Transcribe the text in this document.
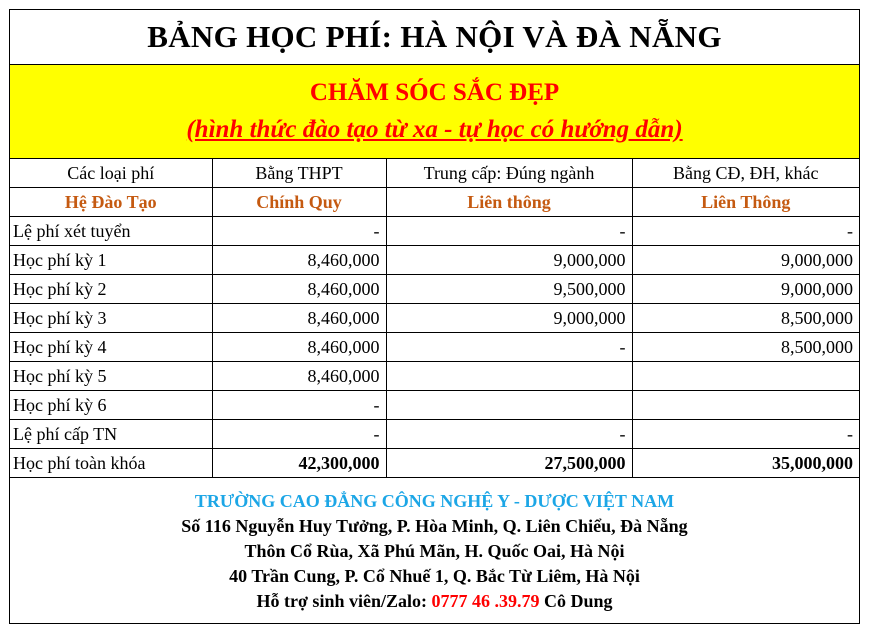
BẢNG HỌC PHÍ: HÀ NỘI VÀ ĐÀ NẴNG
CHĂM SÓC SẮC ĐẸP
(hình thức đào tạo từ xa - tự học có hướng dẫn)
Các loại phí	Bằng THPT	Trung cấp: Đúng ngành	Bằng CĐ, ĐH, khác
Hệ Đào Tạo	Chính Quy	Liên thông	Liên Thông
Lệ phí xét tuyển	-	-	-
Học phí kỳ 1	8,460,000	9,000,000	9,000,000
Học phí kỳ 2	8,460,000	9,500,000	9,000,000
Học phí kỳ 3	8,460,000	9,000,000	8,500,000
Học phí kỳ 4	8,460,000	-	8,500,000
Học phí kỳ 5	8,460,000		
Học phí kỳ 6	-		
Lệ phí cấp TN	-	-	-
Học phí toàn khóa	42,300,000	27,500,000	35,000,000
TRƯỜNG CAO ĐẲNG CÔNG NGHỆ Y - DƯỢC VIỆT NAM
Số 116 Nguyễn Huy Tưởng, P. Hòa Minh, Q. Liên Chiểu, Đà Nẵng
Thôn Cổ Rùa, Xã Phú Mãn, H. Quốc Oai, Hà Nội
40 Trần Cung, P. Cổ Nhuế 1, Q. Bắc Từ Liêm, Hà Nội
Hỗ trợ sinh viên/Zalo: 0777 46 .39.79 Cô Dung
